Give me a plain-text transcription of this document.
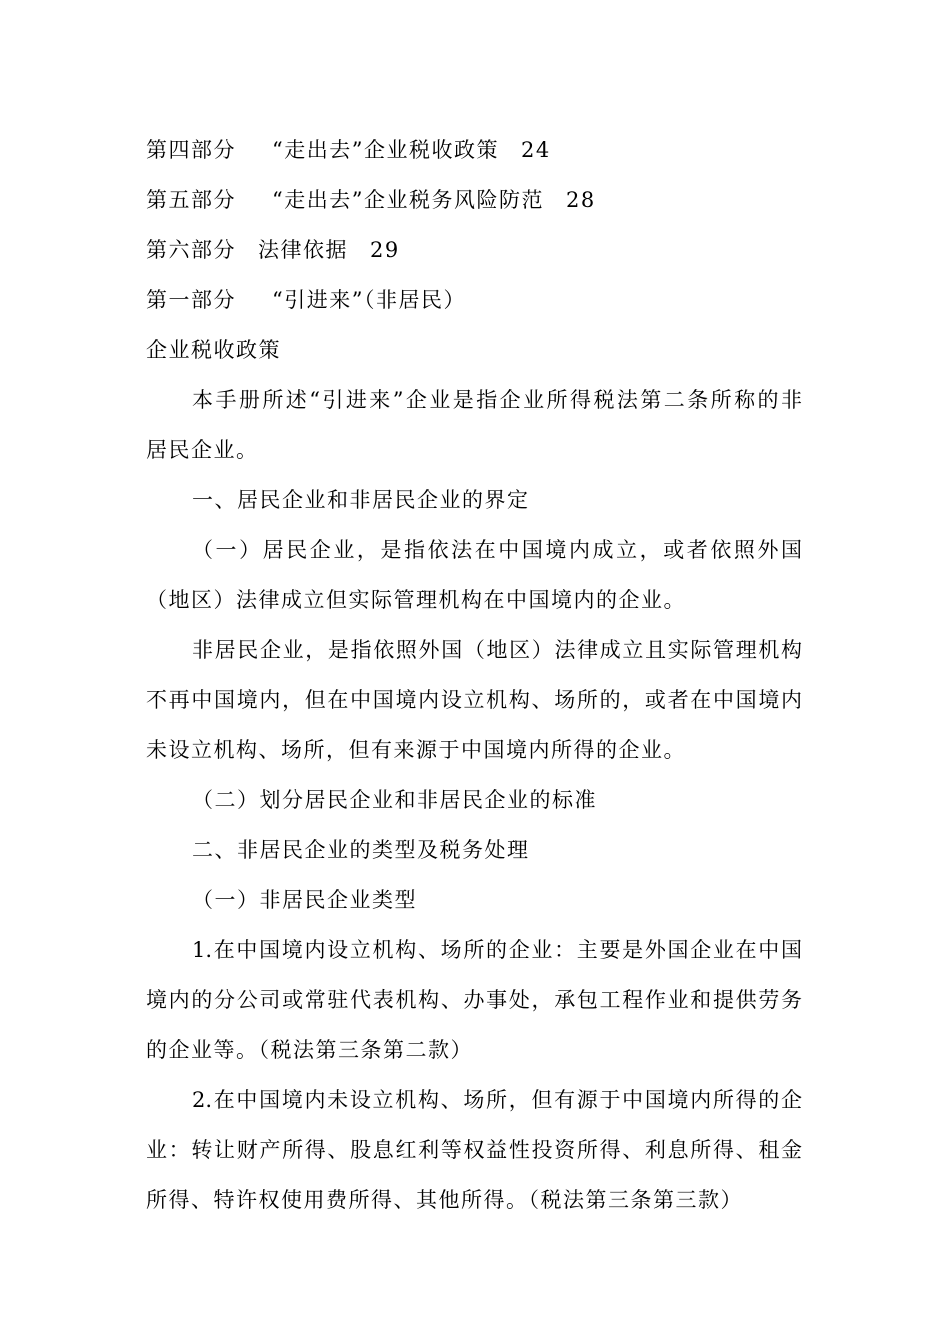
第四部分 “走出去”企业税收政策 24
第五部分 “走出去”企业税务风险防范 28
第六部分 法律依据 29
第一部分 “引进来”（非居民）
企业税收政策
本手册所述“引进来”企业是指企业所得税法第二条所称的非
居民企业。
一、居民企业和非居民企业的界定
（一）居民企业，是指依法在中国境内成立，或者依照外国
（地区）法律成立但实际管理机构在中国境内的企业。
非居民企业，是指依照外国（地区）法律成立且实际管理机构
不再中国境内，但在中国境内设立机构、场所的，或者在中国境内
未设立机构、场所，但有来源于中国境内所得的企业。
（二）划分居民企业和非居民企业的标准
二、非居民企业的类型及税务处理
（一）非居民企业类型
1.在中国境内设立机构、场所的企业：主要是外国企业在中国
境内的分公司或常驻代表机构、办事处，承包工程作业和提供劳务
的企业等。（税法第三条第二款）
2.在中国境内未设立机构、场所，但有源于中国境内所得的企
业：转让财产所得、股息红利等权益性投资所得、利息所得、租金
所得、特许权使用费所得、其他所得。（税法第三条第三款）
